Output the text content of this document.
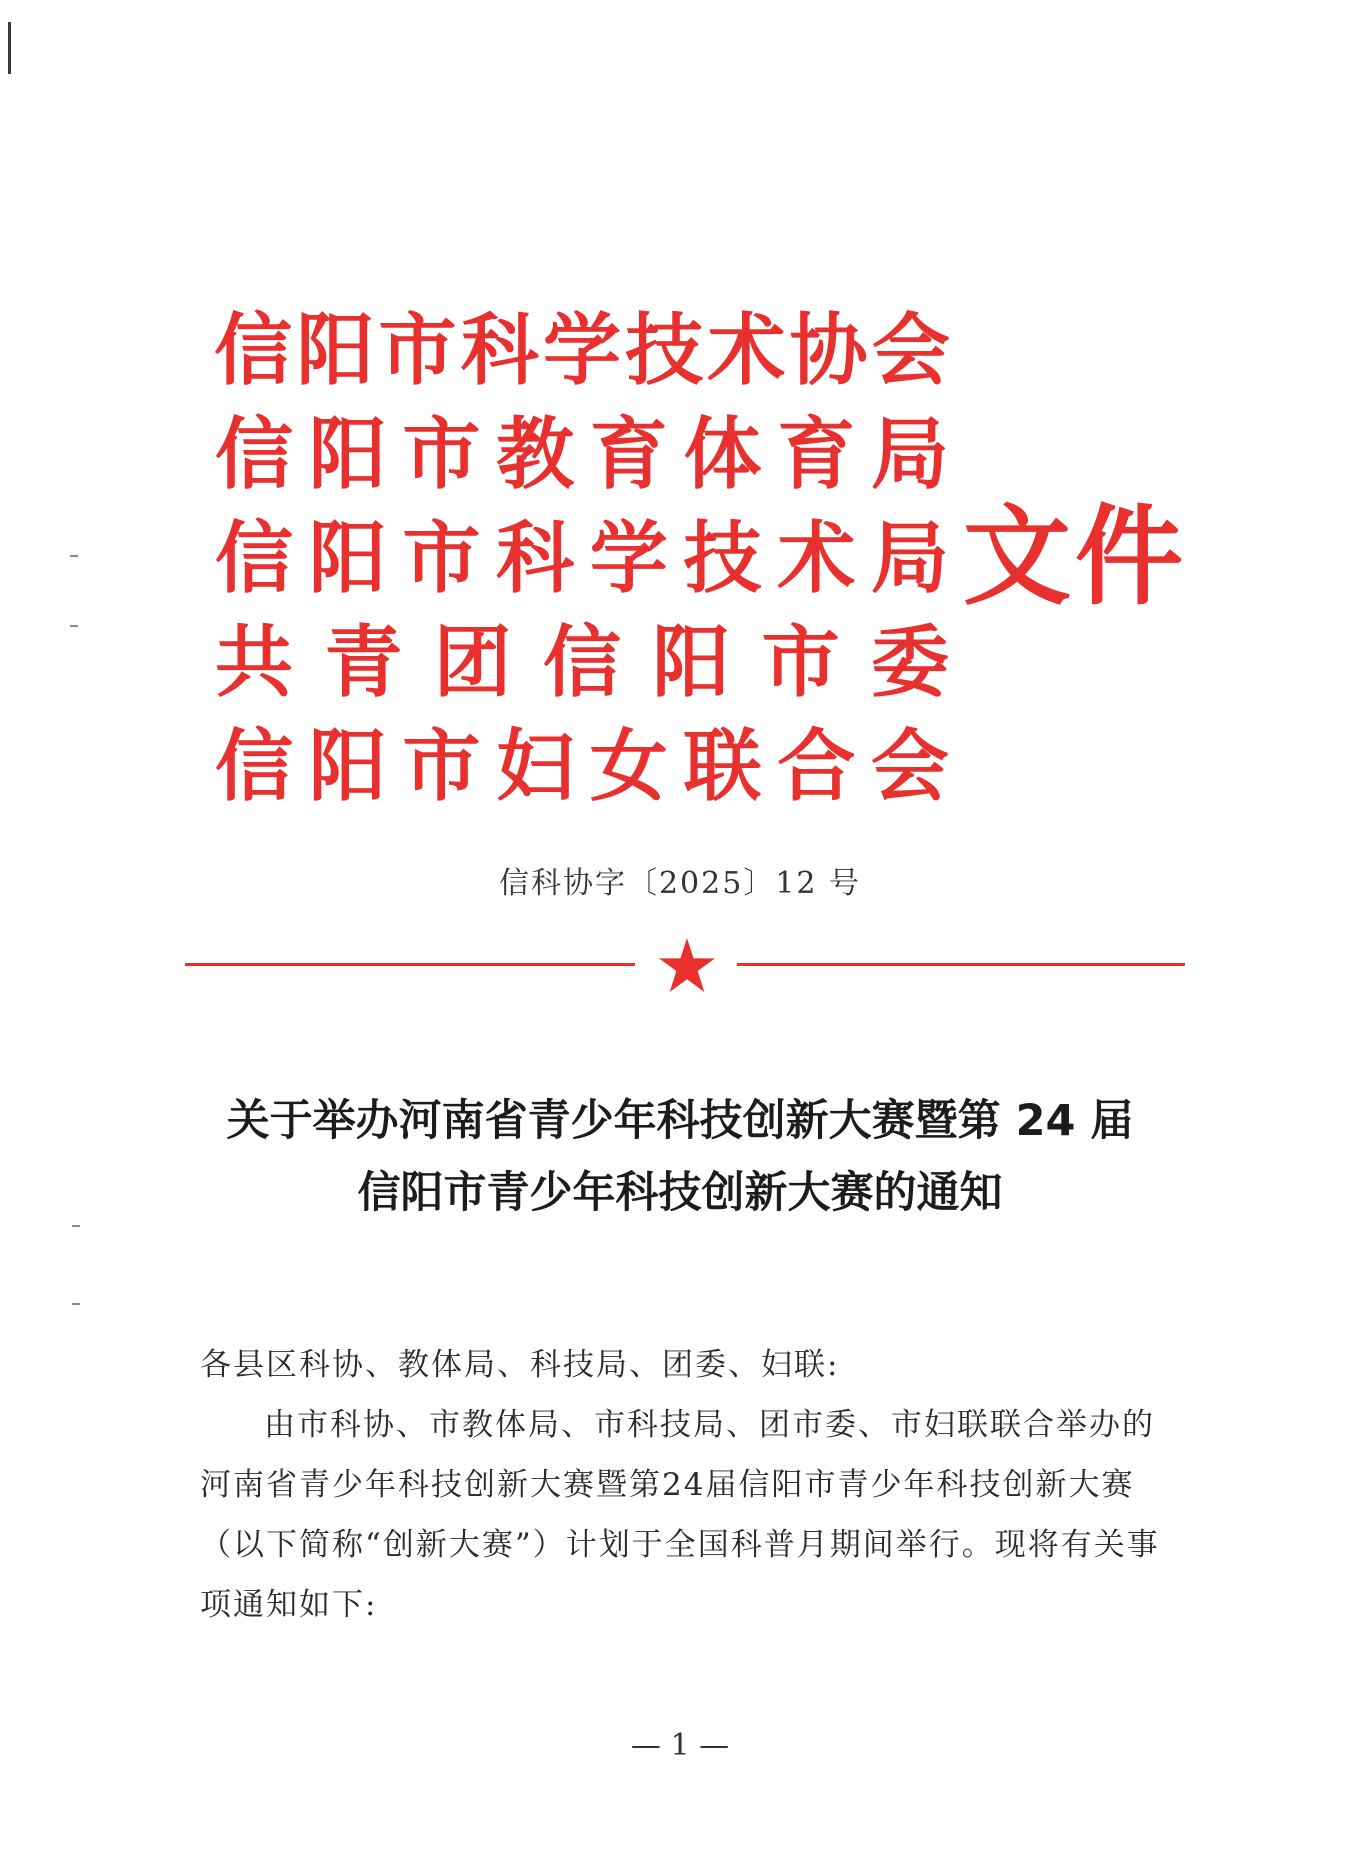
信 阳 市 科 学 技 术 协 会
信 阳 市 教 育 体 育 局
信 阳 市 科 学 技 术 局
共 青 团 信 阳 市 委
信 阳 市 妇 女 联 合 会
文件
信科协字〔2025〕12 号
关于举办河南省青少年科技创新大赛暨第 24 届
信阳市青少年科技创新大赛的通知

各县区科协、教体局、科技局、团委、妇联:

由市科协、市教体局、市科技局、团市委、市妇联联合举办的河南省青少年科技创新大赛暨第24届信阳市青少年科技创新大赛（以下简称“创新大赛”）计划于全国科普月期间举行。现将有关事项通知如下:

— 1 —
